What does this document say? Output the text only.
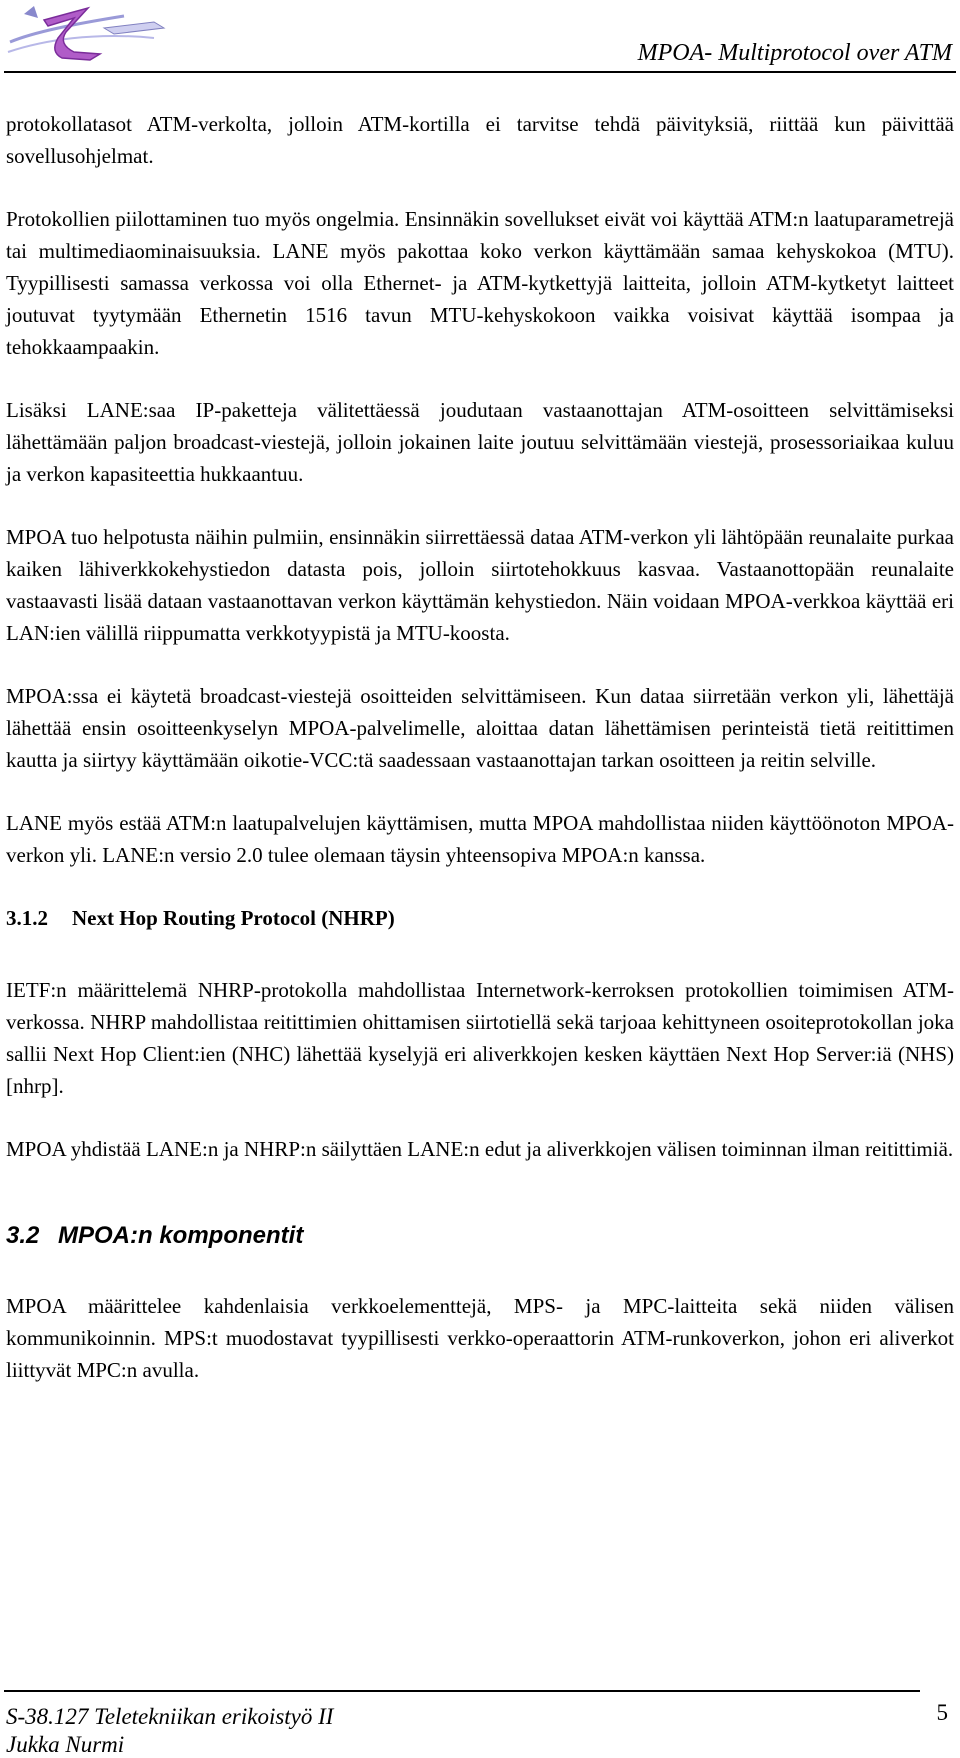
MPOA- Multiprotocol over ATM

protokollatasot ATM-verkolta, jolloin ATM-kortilla ei tarvitse tehdä päivityksiä, riittää kun päivittää sovellusohjelmat.

Protokollien piilottaminen tuo myös ongelmia. Ensinnäkin sovellukset eivät voi käyttää ATM:n laatuparametrejä tai multimediaominaisuuksia. LANE myös pakottaa koko verkon käyttämään samaa kehyskokoa (MTU). Tyypillisesti samassa verkossa voi olla Ethernet- ja ATM-kytkettyjä laitteita, jolloin ATM-kytketyt laitteet joutuvat tyytymään Ethernetin 1516 tavun MTU-kehyskokoon vaikka voisivat käyttää isompaa ja tehokkaampaakin.

Lisäksi LANE:saa IP-paketteja välitettäessä joudutaan vastaanottajan ATM-osoitteen selvittämiseksi lähettämään paljon broadcast-viestejä, jolloin jokainen laite joutuu selvittämään viestejä, prosessoriaikaa kuluu ja verkon kapasiteettia hukkaantuu.

MPOA tuo helpotusta näihin pulmiin, ensinnäkin siirrettäessä dataa ATM-verkon yli lähtöpään reunalaite purkaa kaiken lähiverkkokehystiedon datasta pois, jolloin siirtotehokkuus kasvaa. Vastaanottopään reunalaite vastaavasti lisää dataan vastaanottavan verkon käyttämän kehystiedon. Näin voidaan MPOA-verkkoa käyttää eri LAN:ien välillä riippumatta verkkotyypistä ja MTU-koosta.

MPOA:ssa ei käytetä broadcast-viestejä osoitteiden selvittämiseen. Kun dataa siirretään verkon yli, lähettäjä lähettää ensin osoitteenkyselyn MPOA-palvelimelle, aloittaa datan lähettämisen perinteistä tietä reitittimen kautta ja siirtyy käyttämään oikotie-VCC:tä saadessaan vastaanottajan tarkan osoitteen ja reitin selville.

LANE myös estää ATM:n laatupalvelujen käyttämisen, mutta MPOA mahdollistaa niiden käyttöönoton MPOA-verkon yli. LANE:n versio 2.0 tulee olemaan täysin yhteensopiva MPOA:n kanssa.

3.1.2 Next Hop Routing Protocol (NHRP)

IETF:n määrittelemä NHRP-protokolla mahdollistaa Internetwork-kerroksen protokollien toimimisen ATM-verkossa. NHRP mahdollistaa reitittimien ohittamisen siirtotiellä sekä tarjoaa kehittyneen osoiteprotokollan joka sallii Next Hop Client:ien (NHC) lähettää kyselyjä eri aliverkkojen kesken käyttäen Next Hop Server:iä (NHS) [nhrp].

MPOA yhdistää LANE:n ja NHRP:n säilyttäen LANE:n edut ja aliverkkojen välisen toiminnan ilman reitittimiä.

3.2 MPOA:n komponentit

MPOA määrittelee kahdenlaisia verkkoelementtejä, MPS- ja MPC-laitteita sekä niiden välisen kommunikoinnin. MPS:t muodostavat tyypillisesti verkko-operaattorin ATM-runkoverkon, johon eri aliverkot liittyvät MPC:n avulla.

S-38.127 Teletekniikan erikoistyö II
Jukka Nurmi
5
